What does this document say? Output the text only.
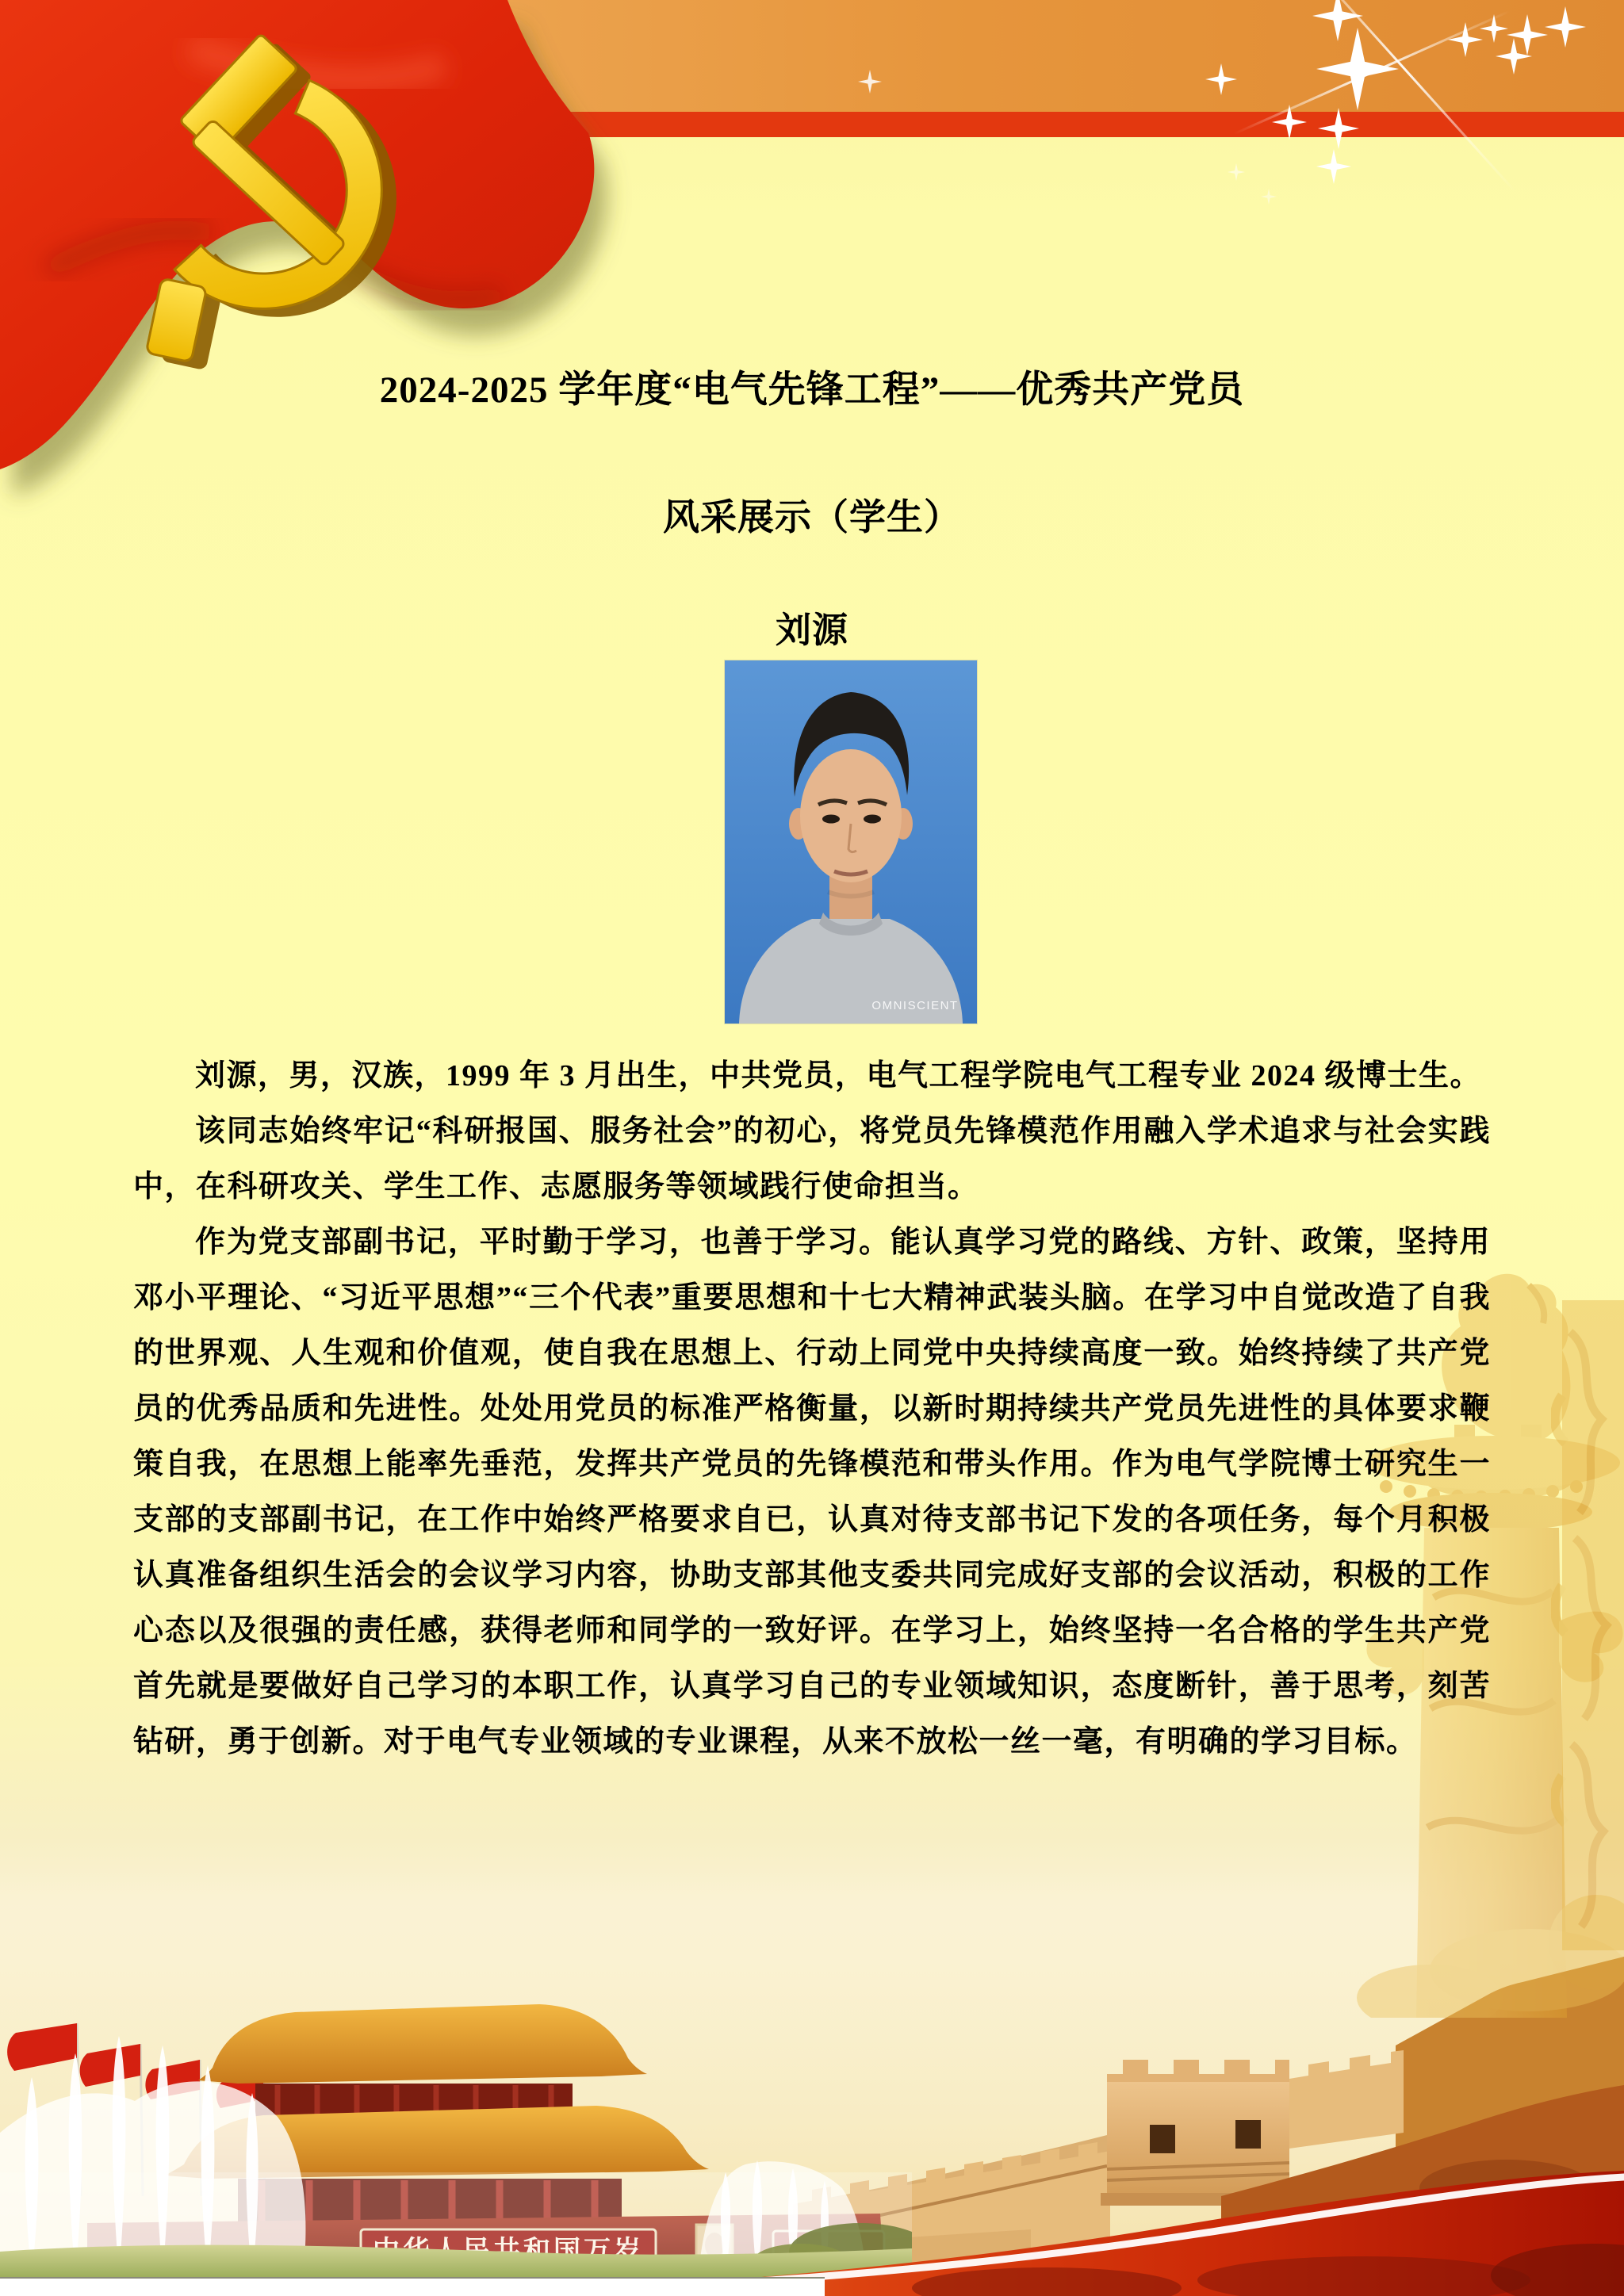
2024-2025 学年度“电气先锋工程”——优秀共产党员
风采展示（学生）
刘源
OMNISCIENT

刘源，男，汉族，1999 年 3 月出生，中共党员，电气工程学院电气工程专业 2024 级博士生。

该同志始终牢记“科研报国、服务社会”的初心，将党员先锋模范作用融入学术追求与社会实践中，在科研攻关、学生工作、志愿服务等领域践行使命担当。

作为党支部副书记，平时勤于学习，也善于学习。能认真学习党的路线、方针、政策，坚持用邓小平理论、“习近平思想”“三个代表”重要思想和十七大精神武装头脑。在学习中自觉改造了自我的世界观、人生观和价值观，使自我在思想上、行动上同党中央持续高度一致。始终持续了共产党员的优秀品质和先进性。处处用党员的标准严格衡量，以新时期持续共产党员先进性的具体要求鞭策自我，在思想上能率先垂范，发挥共产党员的先锋模范和带头作用。作为电气学院博士研究生一支部的支部副书记，在工作中始终严格要求自已，认真对待支部书记下发的各项任务，每个月积极认真准备组织生活会的会议学习内容，协助支部其他支委共同完成好支部的会议活动，积极的工作心态以及很强的责任感，获得老师和同学的一致好评。在学习上，始终坚持一名合格的学生共产党首先就是要做好自己学习的本职工作，认真学习自己的专业领域知识，态度断针，善于思考，刻苦钻研，勇于创新。对于电气专业领域的专业课程，从来不放松一丝一毫，有明确的学习目标。
